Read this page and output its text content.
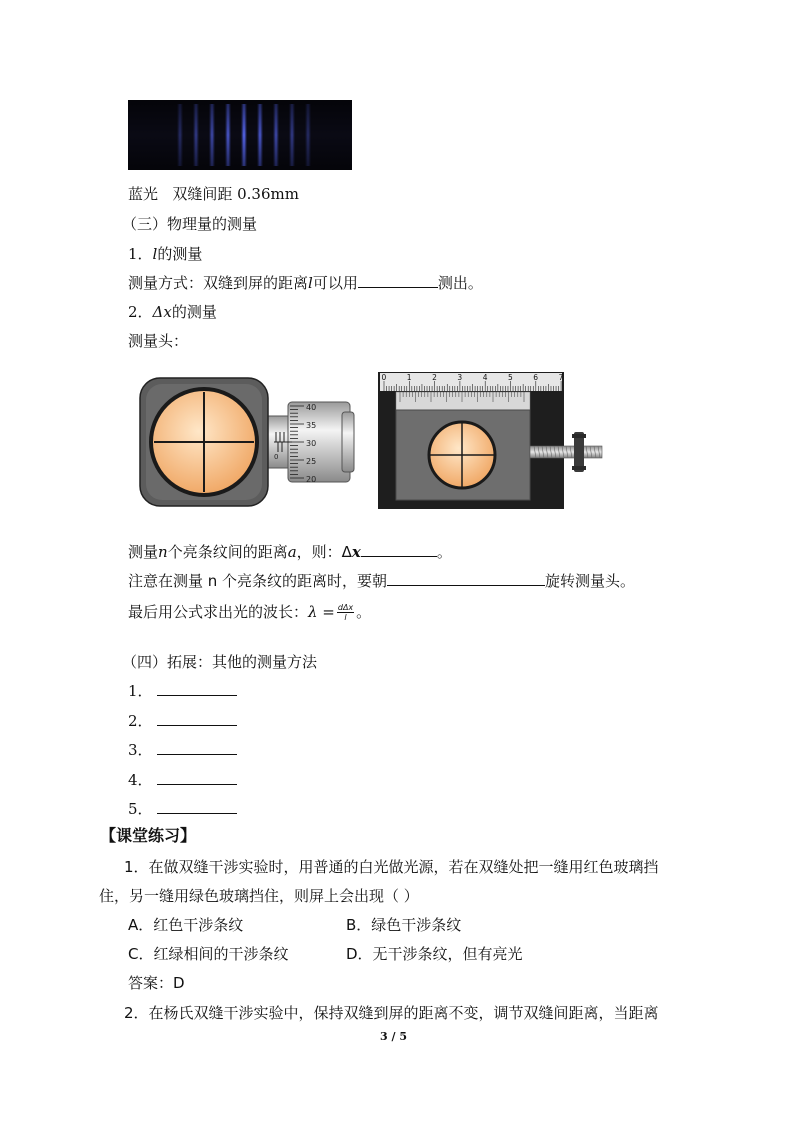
蓝光 双缝间距 0.36mm
（三）物理量的测量
1．l的测量
测量方式：双缝到屏的距离l可以用	测出。
2．Δx的测量
测量头：
40
35
30
25
20
0
0	1	2	3	4	5	6	7
测量n个亮条纹间的距离a，则：Δx	。
注意在测量 n 个亮条纹的距离时，要朝	旋转测量头。
最后用公式求出光的波长：$\lambda = \frac{\text{dΔx}}{l}$ 。
（四）拓展：其他的测量方法
1．
2．
3．
4．
5．
【课堂练习】
1．在做双缝干涉实验时，用普通的白光做光源，若在双缝处把一缝用红色玻璃挡
住，另一缝用绿色玻璃挡住，则屏上会出现（ ）
A．红色干涉条纹	B．绿色干涉条纹
C．红绿相间的干涉条纹	D．无干涉条纹，但有亮光
答案：D
2．在杨氏双缝干涉实验中，保持双缝到屏的距离不变，调节双缝间距离，当距离
3 / 5
